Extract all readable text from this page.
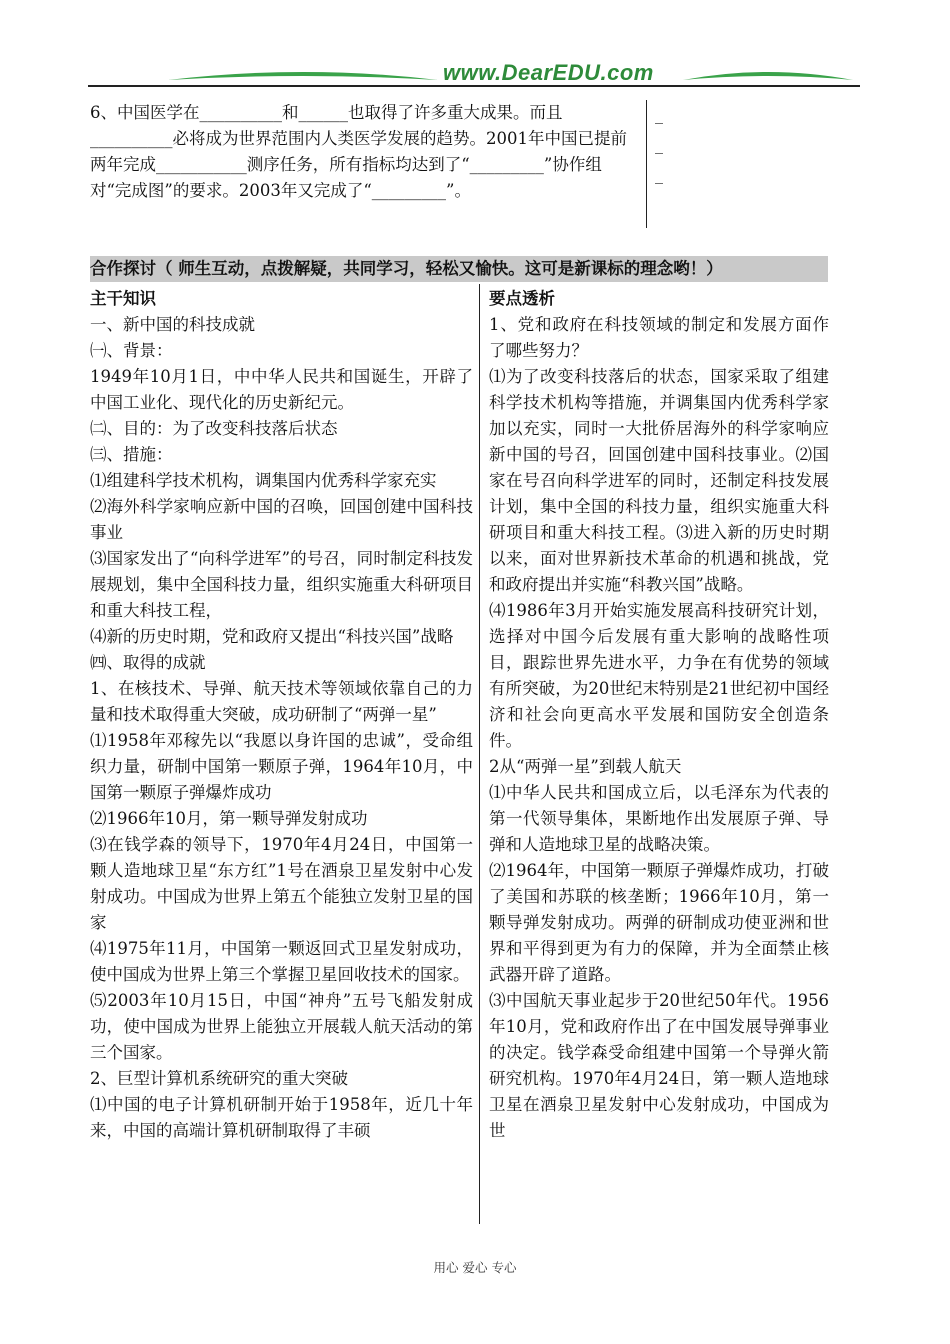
www.DearEDU.com
6、中国医学在__________和______也取得了许多重大成果。而且__________必将成为世界范围内人类医学发展的趋势。2001年中国已提前两年完成___________测序任务，所有指标均达到了“_________”协作组对“完成图”的要求。2003年又完成了“_________”。
_
_
_
合作探讨（ 师生互动，点拨解疑，共同学习，轻松又愉快。这可是新课标的理念哟！）

主干知识

一、新中国的科技成就

㈠、背景：

1949年10月1日，中中华人民共和国诞生，开辟了中国工业化、现代化的历史新纪元。

㈡、目的：为了改变科技落后状态

㈢、措施：

⑴组建科学技术机构，调集国内优秀科学家充实

⑵海外科学家响应新中国的召唤，回国创建中国科技事业

⑶国家发出了“向科学进军”的号召，同时制定科技发展规划，集中全国科技力量，组织实施重大科研项目和重大科技工程，

⑷新的历史时期，党和政府又提出“科技兴国”战略

㈣、取得的成就

1、在核技术、导弹、航天技术等领域依靠自己的力量和技术取得重大突破，成功研制了“两弹一星”

⑴1958年邓稼先以“我愿以身许国的忠诚”，受命组织力量，研制中国第一颗原子弹，1964年10月，中国第一颗原子弹爆炸成功

⑵1966年10月，第一颗导弹发射成功

⑶在钱学森的领导下，1970年4月24日，中国第一颗人造地球卫星“东方红”1号在酒泉卫星发射中心发射成功。中国成为世界上第五个能独立发射卫星的国家

⑷1975年11月，中国第一颗返回式卫星发射成功，使中国成为世界上第三个掌握卫星回收技术的国家。

⑸2003年10月15日，中国“神舟”五号飞船发射成功，使中国成为世界上能独立开展载人航天活动的第三个国家。

2、巨型计算机系统研究的重大突破

⑴中国的电子计算机研制开始于1958年，近几十年来，中国的高端计算机研制取得了丰硕

要点透析

1、党和政府在科技领域的制定和发展方面作了哪些努力？

⑴为了改变科技落后的状态，国家采取了组建科学技术机构等措施，并调集国内优秀科学家加以充实，同时一大批侨居海外的科学家响应新中国的号召，回国创建中国科技事业。⑵国家在号召向科学进军的同时，还制定科技发展计划，集中全国的科技力量，组织实施重大科研项目和重大科技工程。⑶进入新的历史时期以来，面对世界新技术革命的机遇和挑战，党和政府提出并实施“科教兴国”战略。

⑷1986年3月开始实施发展高科技研究计划，选择对中国今后发展有重大影响的战略性项目，跟踪世界先进水平，力争在有优势的领域有所突破，为20世纪末特别是21世纪初中国经济和社会向更高水平发展和国防安全创造条件。

2从“两弹一星”到载人航天

⑴中华人民共和国成立后，以毛泽东为代表的第一代领导集体，果断地作出发展原子弹、导弹和人造地球卫星的战略决策。

⑵1964年，中国第一颗原子弹爆炸成功，打破了美国和苏联的核垄断；1966年10月，第一颗导弹发射成功。两弹的研制成功使亚洲和世界和平得到更为有力的保障，并为全面禁止核武器开辟了道路。

⑶中国航天事业起步于20世纪50年代。1956年10月，党和政府作出了在中国发展导弹事业的决定。钱学森受命组建中国第一个导弹火箭研究机构。1970年4月24日，第一颗人造地球卫星在酒泉卫星发射中心发射成功，中国成为世

用心 爱心 专心
